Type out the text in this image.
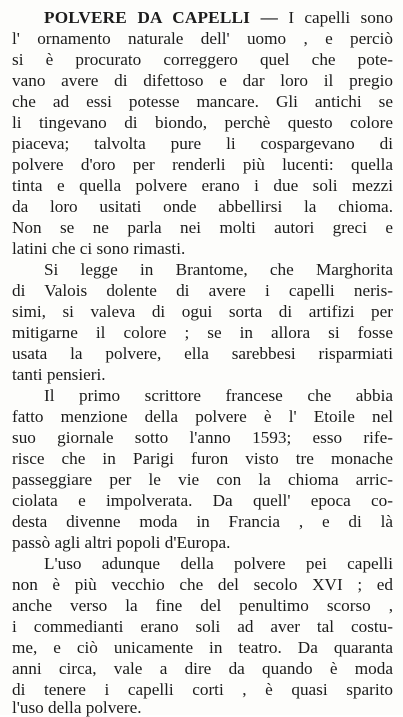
POLVERE DA CAPELLI — I capelli sono
l' ornamento naturale dell' uomo , e perciò
si è procurato correggero quel che pote-
vano avere di difettoso e dar loro il pregio
che ad essi potesse mancare. Gli antichi se
li tingevano di biondo, perchè questo colore
piaceva; talvolta pure li cospargevano di
polvere d'oro per renderli più lucenti: quella
tinta e quella polvere erano i due soli mezzi
da loro usitati onde abbellirsi la chioma.
Non se ne parla nei molti autori greci e
latini che ci sono rimasti.
Si legge in Brantome, che Marghorita
di Valois dolente di avere i capelli neris-
simi, si valeva di ogui sorta di artifizi per
mitigarne il colore ; se in allora si fosse
usata la polvere, ella sarebbesi risparmiati
tanti pensieri.
Il primo scrittore francese che abbia
fatto menzione della polvere è l' Etoile nel
suo giornale sotto l'anno 1593; esso rife-
risce che in Parigi furon visto tre monache
passeggiare per le vie con la chioma arric-
ciolata e impolverata. Da quell' epoca co-
desta divenne moda in Francia , e di là
passò agli altri popoli d'Europa.
L'uso adunque della polvere pei capelli
non è più vecchio che del secolo XVI ; ed
anche verso la fine del penultimo scorso ,
i commedianti erano soli ad aver tal costu-
me, e ciò unicamente in teatro. Da quaranta
anni circa, vale a dire da quando è moda
di tenere i capelli corti , è quasi sparito
l'uso della polvere.
